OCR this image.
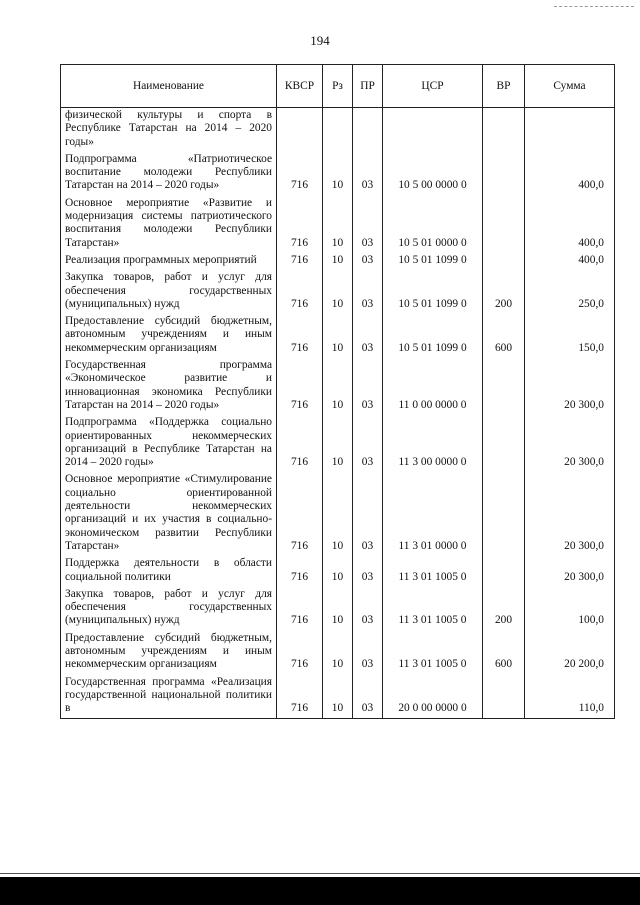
194
Наименование	КВСР	Рз	ПР	ЦСР	ВР	Сумма
физической культуры и спорта в Республике Татарстан на 2014 – 2020 годы»						
Подпрограмма «Патриотическое воспитание молодежи Республики Татарстан на 2014 – 2020 годы»	716	10	03	10 5 00 0000 0		400,0
Основное мероприятие «Развитие и модернизация системы патриотического воспитания молодежи Республики Татарстан»	716	10	03	10 5 01 0000 0		400,0
Реализация программных мероприятий	716	10	03	10 5 01 1099 0		400,0
Закупка товаров, работ и услуг для обеспечения государственных (муниципальных) нужд	716	10	03	10 5 01 1099 0	200	250,0
Предоставление субсидий бюджетным, автономным учреждениям и иным некоммерческим организациям	716	10	03	10 5 01 1099 0	600	150,0
Государственная программа «Экономическое развитие и инновационная экономика Республики Татарстан на 2014 – 2020 годы»	716	10	03	11 0 00 0000 0		20 300,0
Подпрограмма «Поддержка социально ориентированных некоммерческих организаций в Республике Татарстан на 2014 – 2020 годы»	716	10	03	11 3 00 0000 0		20 300,0
Основное мероприятие «Стимулирование социально ориентированной деятельности некоммерческих организаций и их участия в социально-экономическом развитии Республики Татарстан»	716	10	03	11 3 01 0000 0		20 300,0
Поддержка деятельности в области социальной политики	716	10	03	11 3 01 1005 0		20 300,0
Закупка товаров, работ и услуг для обеспечения государственных (муниципальных) нужд	716	10	03	11 3 01 1005 0	200	100,0
Предоставление субсидий бюджетным, автономным учреждениям и иным некоммерческим организациям	716	10	03	11 3 01 1005 0	600	20 200,0
Государственная программа «Реализация государственной национальной политики в	716	10	03	20 0 00 0000 0		110,0
